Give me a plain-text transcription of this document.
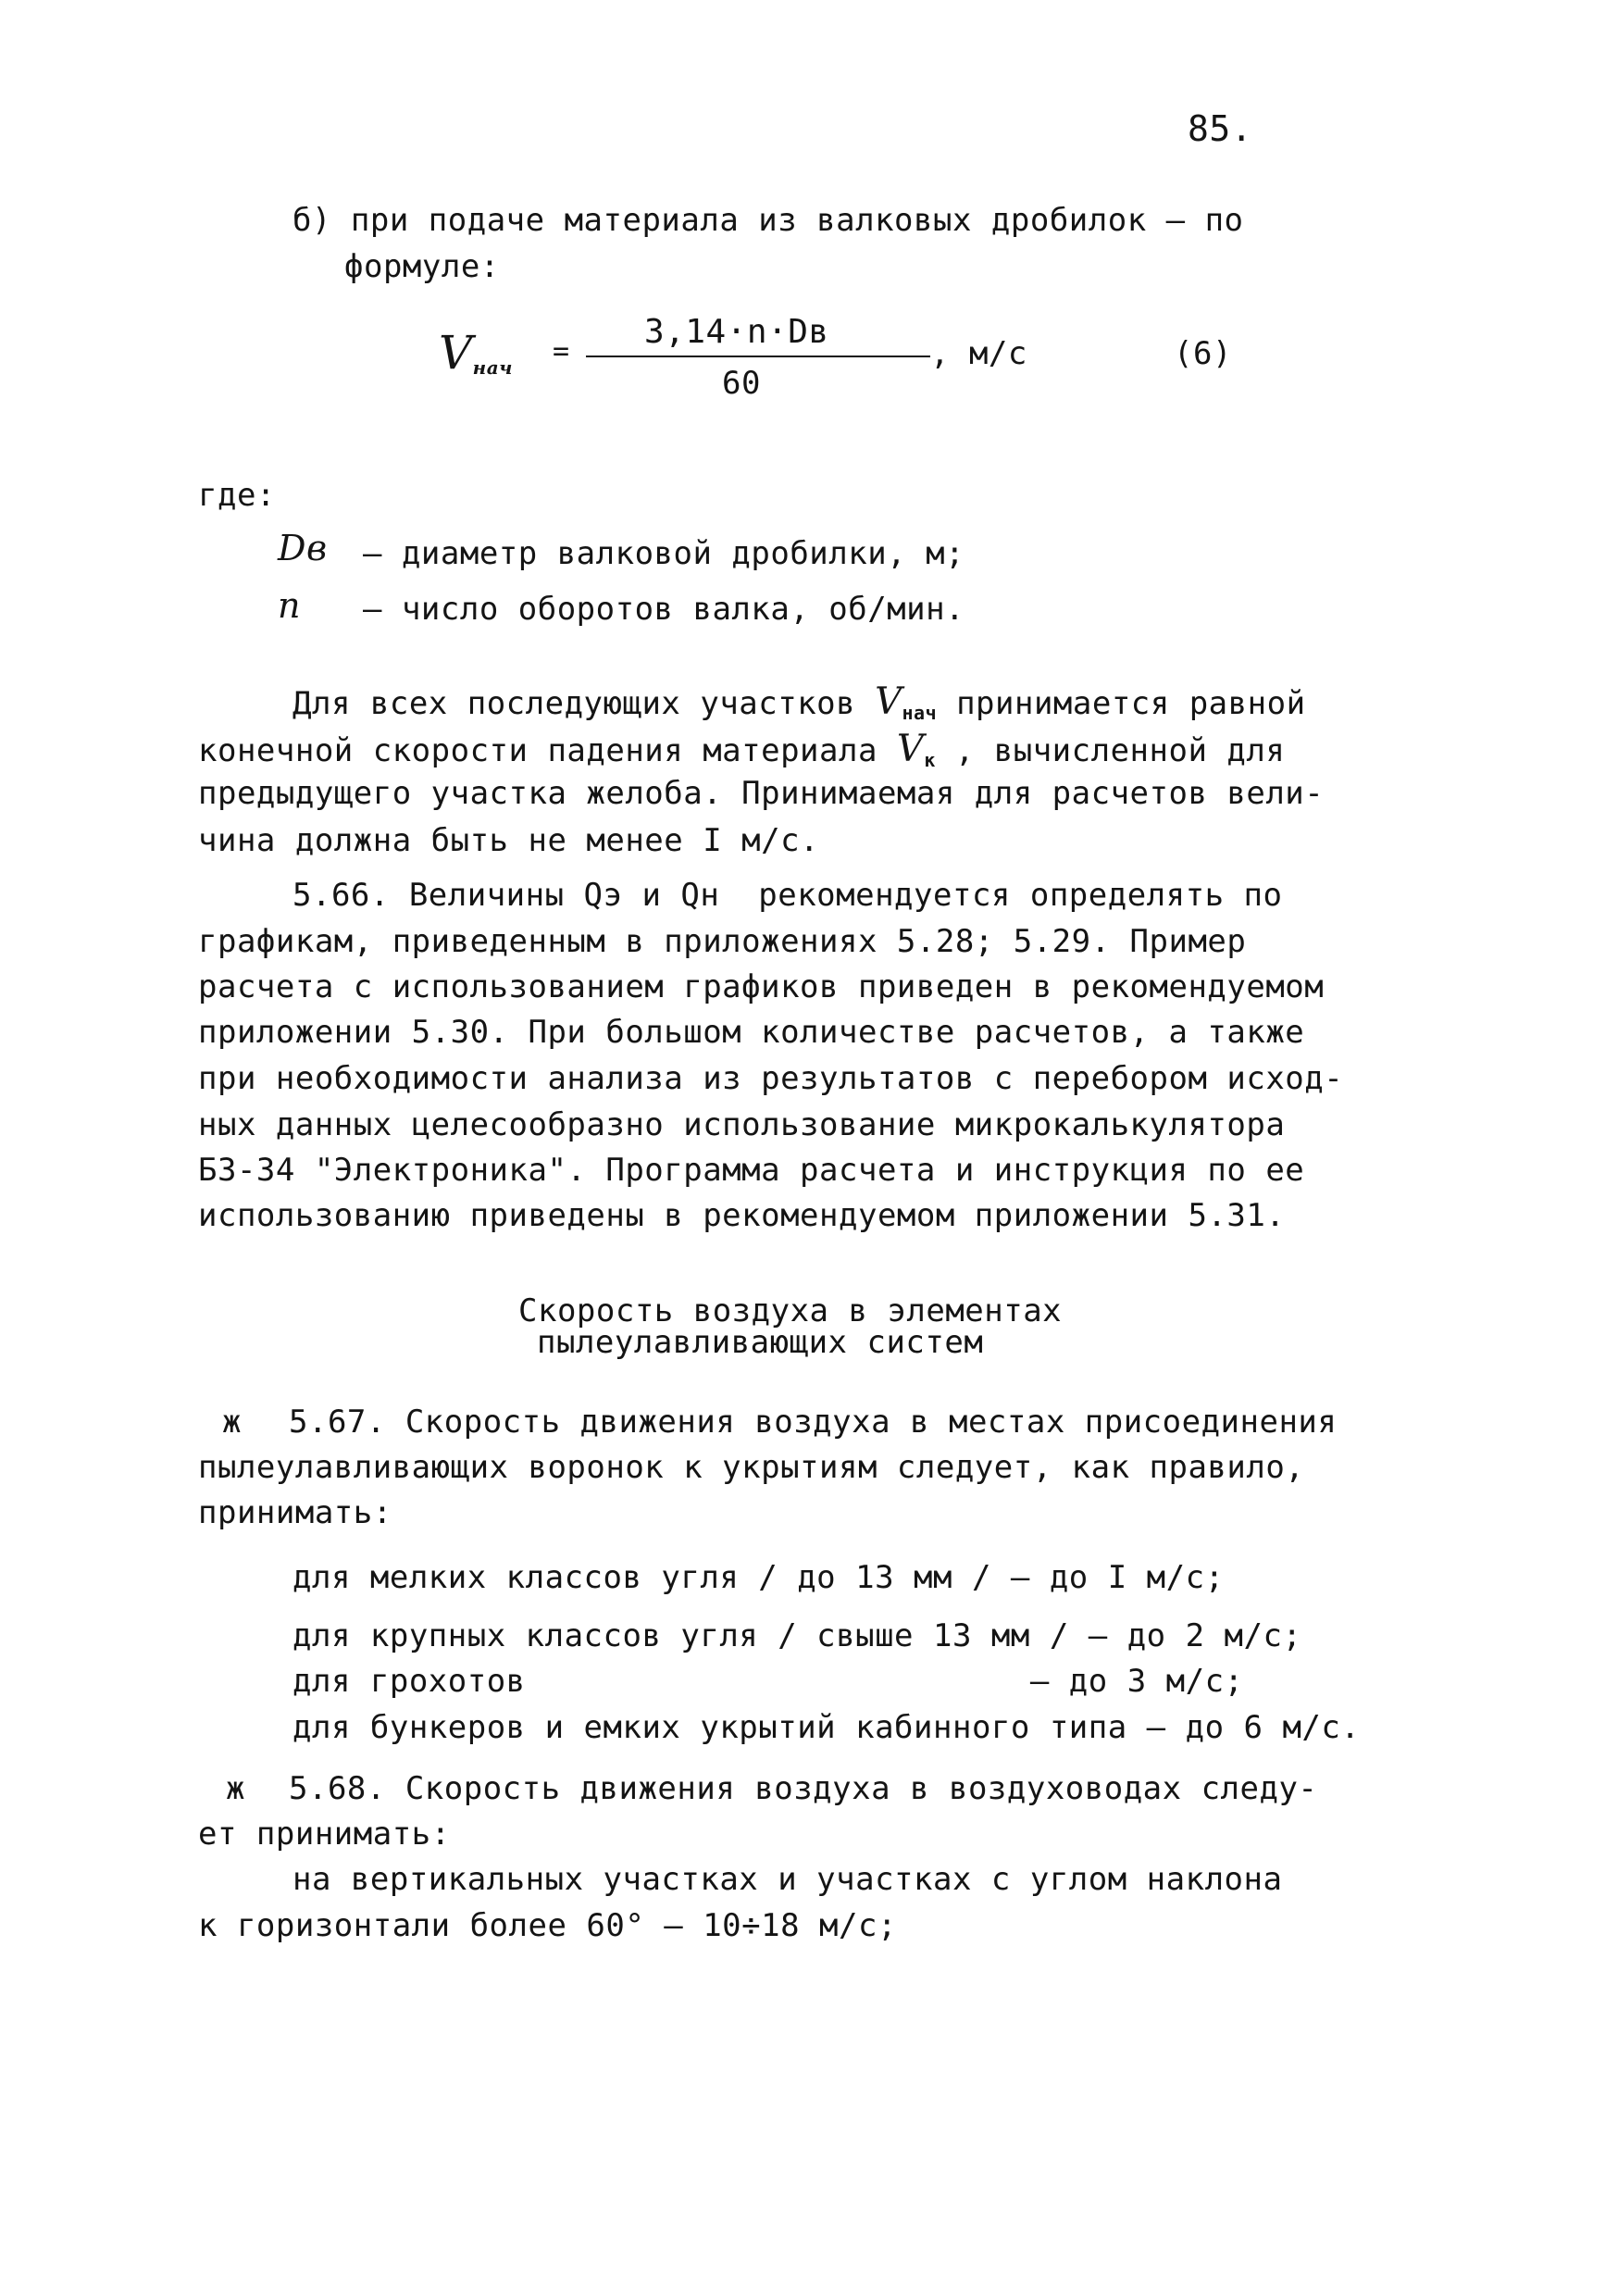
85.
б) при подаче материала из валковых дробилок – по
формуле:
$V_{нач}$ =
3,14·n·Dв
60
, м/с	(6)
где:
Dв – диаметр валковой дробилки, м;
n – число оборотов валка, об/мин.
Для всех последующих участков $V_{нач}$ принимается равной
конечной скорости падения материала $V_к$ , вычисленной для
предыдущего участка желоба. Принимаемая для расчетов вели-
чина должна быть не менее I м/с.
5.66. Величины Qэ и Qн  рекомендуется определять по
графикам, приведенным в приложениях 5.28; 5.29. Пример
расчета с использованием графиков приведен в рекомендуемом
приложении 5.30. При большом количестве расчетов, а также
при необходимости анализа из результатов с перебором исход-
ных данных целесообразно использование микрокалькулятора
Б3-34 "Электроника". Программа расчета и инструкция по ее
использованию приведены в рекомендуемом приложении 5.31.
Скорость воздуха в элементах
пылеулавливающих систем
ж 5.67. Скорость движения воздуха в местах присоединения
пылеулавливающих воронок к укрытиям следует, как правило,
принимать:
для мелких классов угля / до 13 мм / – до I м/с;
для крупных классов угля / свыше 13 мм / – до 2 м/с;
для грохотов                          – до 3 м/с;
для бункеров и емких укрытий кабинного типа – до 6 м/с.
ж 5.68. Скорость движения воздуха в воздуховодах следу-
ет принимать:
на вертикальных участках и участках с углом наклона
к горизонтали более 60° – 10÷18 м/с;
